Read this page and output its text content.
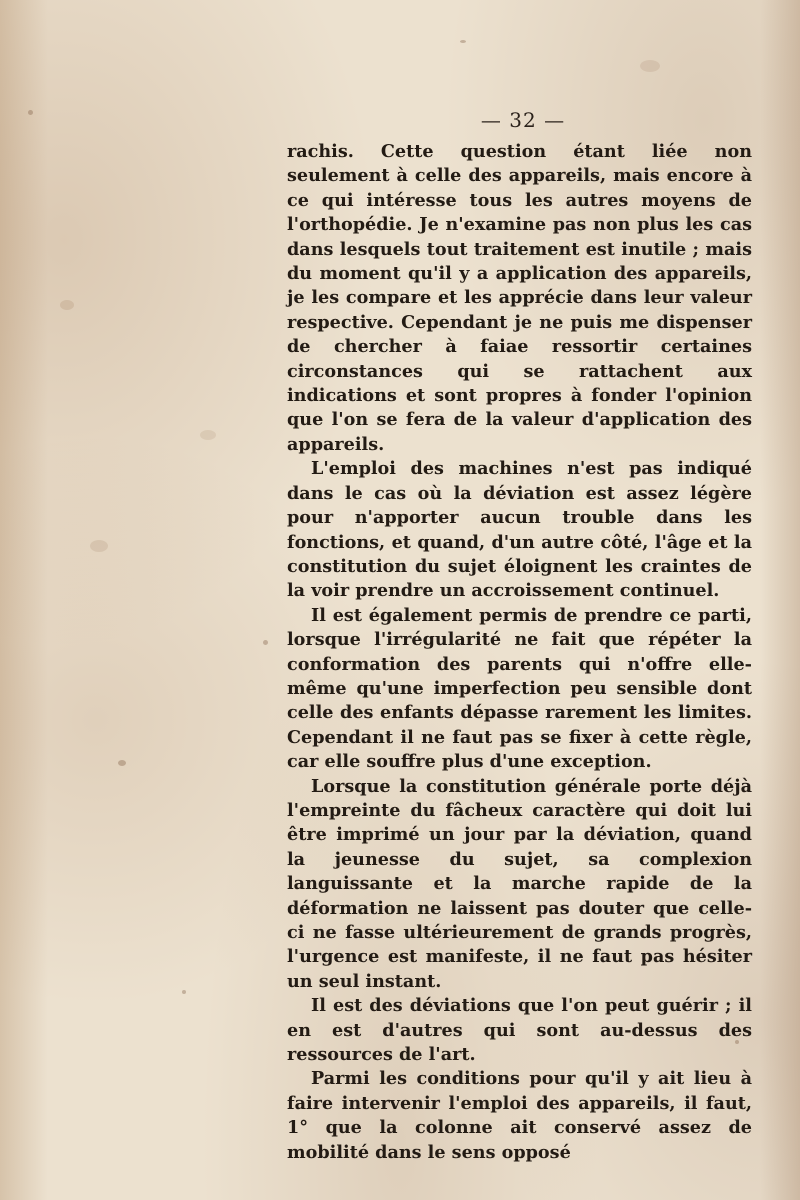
— 32 —

rachis. Cette question étant liée non seulement à celle des appareils, mais encore à ce qui intéresse tous les autres moyens de l'orthopédie. Je n'examine pas non plus les cas dans lesquels tout traitement est inutile ; mais du moment qu'il y a application des appareils, je les compare et les apprécie dans leur valeur respective. Cependant je ne puis me dispenser de chercher à faiae ressortir certaines circonstances qui se rattachent aux indications et sont propres à fonder l'opinion que l'on se fera de la valeur d'application des appareils.

L'emploi des machines n'est pas indiqué dans le cas où la déviation est assez légère pour n'apporter aucun trouble dans les fonctions, et quand, d'un autre côté, l'âge et la constitution du sujet éloignent les craintes de la voir prendre un accroissement continuel.

Il est également permis de prendre ce parti, lorsque l'irrégularité ne fait que répéter la conformation des parents qui n'offre elle-même qu'une imperfection peu sensible dont celle des enfants dépasse rarement les limites. Cependant il ne faut pas se fixer à cette règle, car elle souffre plus d'une exception.

Lorsque la constitution générale porte déjà l'empreinte du fâcheux caractère qui doit lui être imprimé un jour par la déviation, quand la jeunesse du sujet, sa complexion languissante et la marche rapide de la déformation ne laissent pas douter que celle-ci ne fasse ultérieurement de grands progrès, l'urgence est manifeste, il ne faut pas hésiter un seul instant.

Il est des déviations que l'on peut guérir ; il en est d'autres qui sont au-dessus des ressources de l'art.

Parmi les conditions pour qu'il y ait lieu à faire intervenir l'emploi des appareils, il faut, 1° que la colonne ait conservé assez de mobilité dans le sens opposé
